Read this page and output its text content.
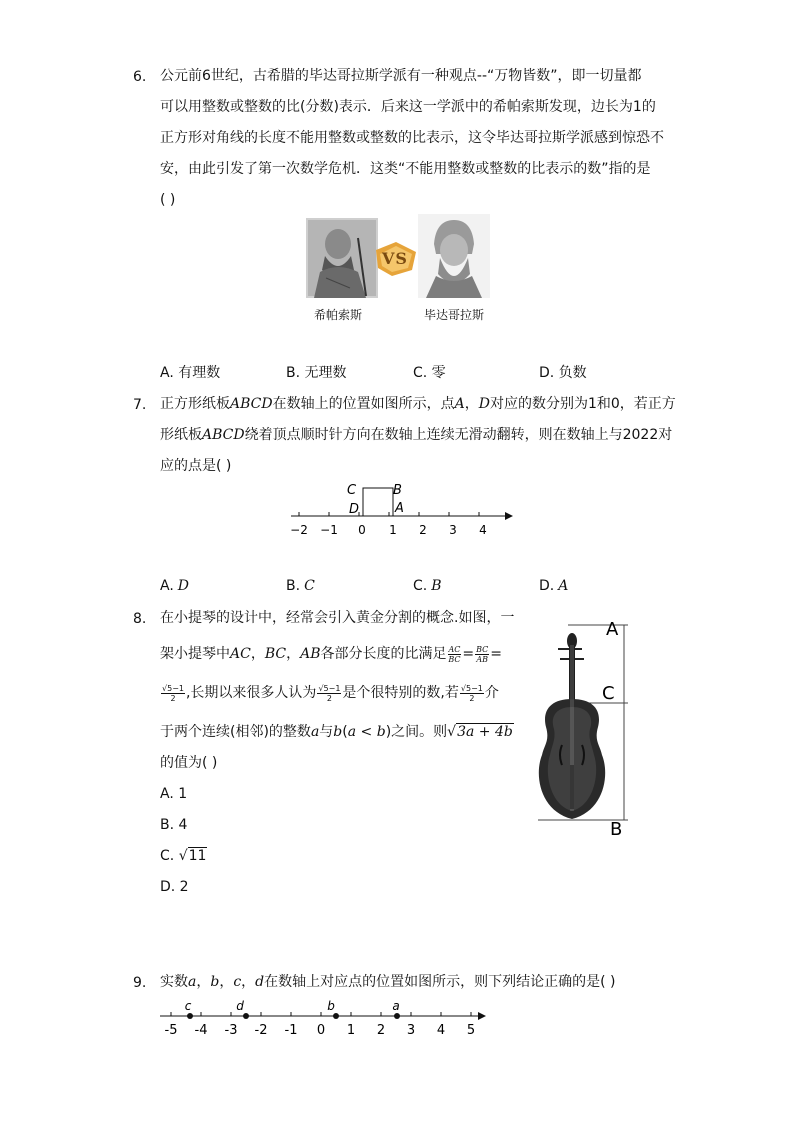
6. 公元前6世纪，古希腊的毕达哥拉斯学派有一种观点--“万物皆数”，即一切量都
可以用整数或整数的比(分数)表示．后来这一学派中的希帕索斯发现，边长为1的
正方形对角线的长度不能用整数或整数的比表示，这令毕达哥拉斯学派感到惊恐不
安，由此引发了第一次数学危机．这类“不能用整数或整数的比表示的数”指的是
( )
VS
希帕索斯	毕达哥拉斯
A. 有理数	B. 无理数	C. 零	D. 负数
7. 正方形纸板ABCD在数轴上的位置如图所示，点A，D对应的数分别为1和0，若正方
形纸板ABCD绕着顶点顺时针方向在数轴上连续无滑动翻转，则在数轴上与2022对
应的点是( )
C	B
D	A
−2 −1 0 1 2 3 4
A. D	B. C	C. B	D. A
8. 在小提琴的设计中，经常会引入黄金分割的概念.如图，一
架小提琴中AC，BC，AB各部分长度的比满足 $\frac{AC}{BC} = \frac{BC}{AB}$ =
$\frac{√5-1}{2}$ ,长期以来很多人认为 $\frac{√5-1}{2}$ 是个很特别的数,若 $\frac{√5-1}{2}$ 介
于两个连续(相邻)的整数a与b(a < b)之间。则√3a + 4b
的值为( )
A. 1
B. 4
C. √11
D. 2
A
C
B
9. 实数a，b，c，d在数轴上对应点的位置如图所示，则下列结论正确的是( )
c	d	b	a
-5 -4 -3 -2 -1 0 1 2 3 4 5
